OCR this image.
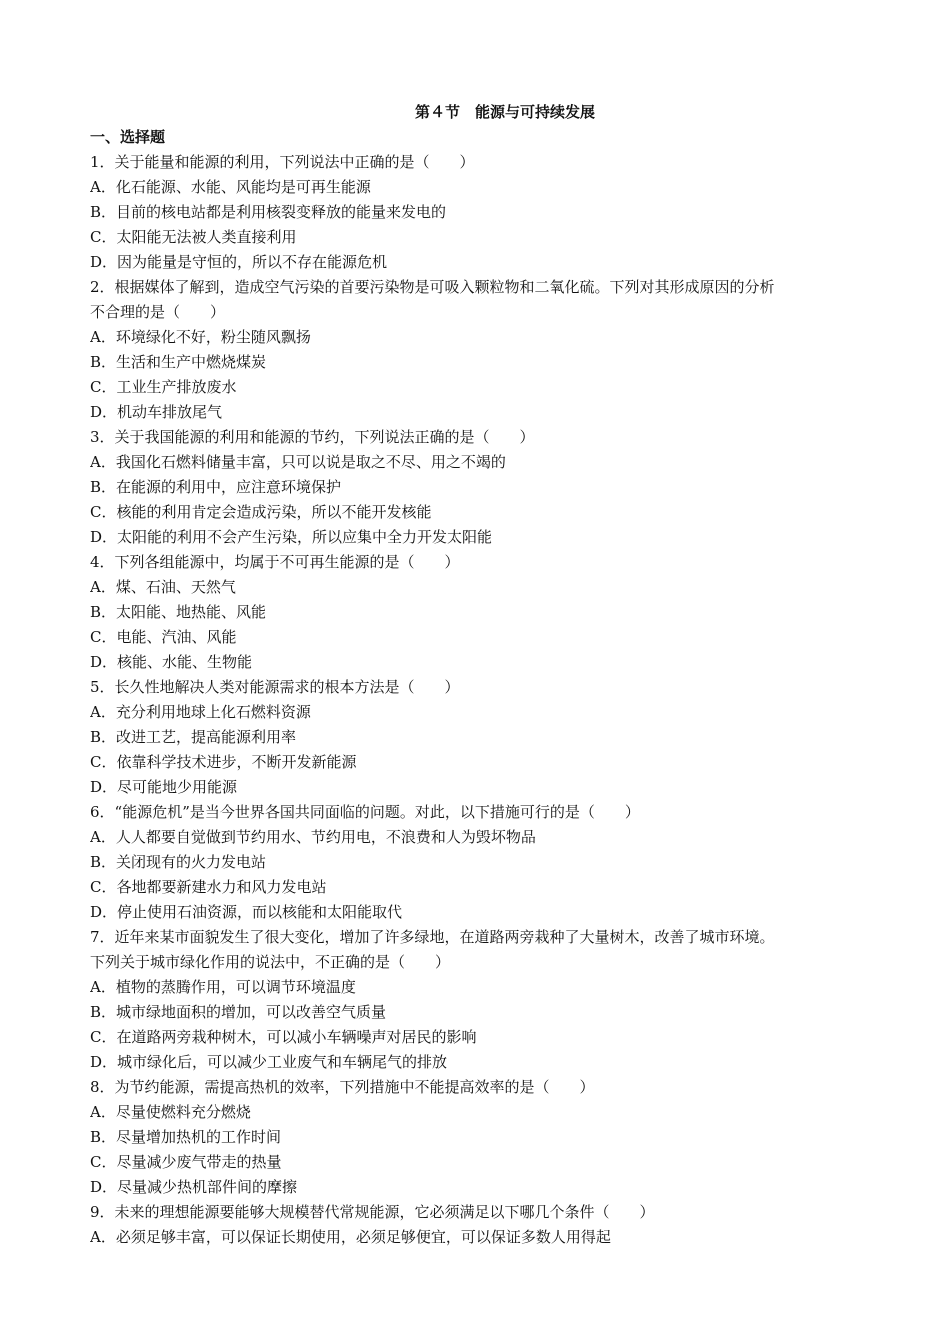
第４节　能源与可持续发展
一、选择题
1．关于能量和能源的利用，下列说法中正确的是（　　）
A．化石能源、水能、风能均是可再生能源
B．目前的核电站都是利用核裂变释放的能量来发电的
C．太阳能无法被人类直接利用
D．因为能量是守恒的，所以不存在能源危机
2．根据媒体了解到，造成空气污染的首要污染物是可吸入颗粒物和二氧化硫。下列对其形成原因的分析
不合理的是（　　）
A．环境绿化不好，粉尘随风飘扬
B．生活和生产中燃烧煤炭
C．工业生产排放废水
D．机动车排放尾气
3．关于我国能源的利用和能源的节约，下列说法正确的是（　　）
A．我国化石燃料储量丰富，只可以说是取之不尽、用之不竭的
B．在能源的利用中，应注意环境保护
C．核能的利用肯定会造成污染，所以不能开发核能
D．太阳能的利用不会产生污染，所以应集中全力开发太阳能
4．下列各组能源中，均属于不可再生能源的是（　　）
A．煤、石油、天然气
B．太阳能、地热能、风能
C．电能、汽油、风能
D．核能、水能、生物能
5．长久性地解决人类对能源需求的根本方法是（　　）
A．充分利用地球上化石燃料资源
B．改进工艺，提高能源利用率
C．依靠科学技术进步，不断开发新能源
D．尽可能地少用能源
6．“能源危机”是当今世界各国共同面临的问题。对此，以下措施可行的是（　　）
A．人人都要自觉做到节约用水、节约用电，不浪费和人为毁坏物品
B．关闭现有的火力发电站
C．各地都要新建水力和风力发电站
D．停止使用石油资源，而以核能和太阳能取代
7．近年来某市面貌发生了很大变化，增加了许多绿地，在道路两旁栽种了大量树木，改善了城市环境。
下列关于城市绿化作用的说法中，不正确的是（　　）
A．植物的蒸腾作用，可以调节环境温度
B．城市绿地面积的增加，可以改善空气质量
C．在道路两旁栽种树木，可以减小车辆噪声对居民的影响
D．城市绿化后，可以减少工业废气和车辆尾气的排放
8．为节约能源，需提高热机的效率，下列措施中不能提高效率的是（　　）
A．尽量使燃料充分燃烧
B．尽量增加热机的工作时间
C．尽量减少废气带走的热量
D．尽量减少热机部件间的摩擦
9．未来的理想能源要能够大规模替代常规能源，它必须满足以下哪几个条件（　　）
A．必须足够丰富，可以保证长期使用，必须足够便宜，可以保证多数人用得起
